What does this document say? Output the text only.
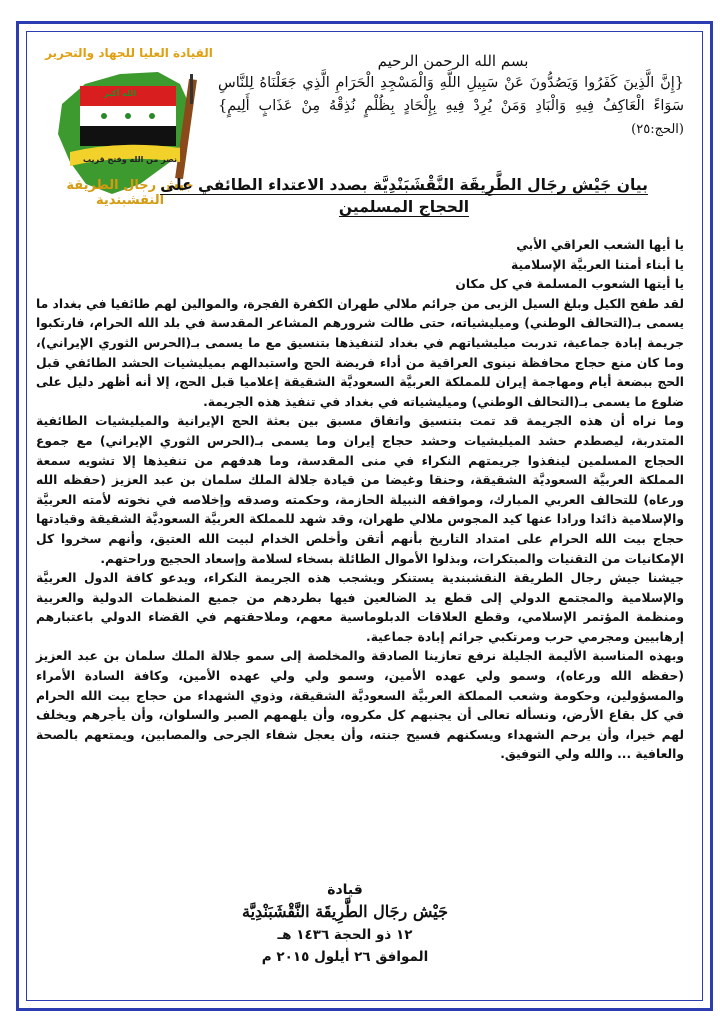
القيادة العليا للجهاد والتحرير
جيش رجال الطريقة النقشبندية
الله أكبر
نصر من الله وفتح قريب
بسم الله الرحمن الرحيم
{إِنَّ الَّذِينَ كَفَرُوا وَيَصُدُّونَ عَنْ سَبِيلِ اللَّهِ وَالْمَسْجِدِ الْحَرَامِ الَّذِي جَعَلْنَاهُ لِلنَّاسِ سَوَاءً الْعَاكِفُ فِيهِ وَالْبَادِ وَمَنْ يُرِدْ فِيهِ بِإِلْحَادٍ بِظُلْمٍ نُذِقْهُ مِنْ عَذَابٍ أَلِيمٍ} (الحج:٢٥)
بيان جَيْش رجَال الطَّرِيقَة النَّقْشَبَنْدِيَّة بصدد الاعتداء الطائفي على الحجاج المسلمين

يا أيها الشعب العراقي الأبي

يا أبناء أمتنا العربيَّة الإسلامية

يا أيتها الشعوب المسلمة في كل مكان

لقد طفح الكيل وبلغ السيل الزبى من جرائم ملالي طهران الكفرة الفجرة، والموالين لهم طائفيا في بغداد ما يسمى بـ(التحالف الوطني) وميليشياته، حتى طالت شرورهم المشاعر المقدسة في بلد الله الحرام، فارتكبوا جريمة إبادة جماعية، تدربت ميليشياتهم في بغداد لتنفيذها بتنسيق مع ما يسمى بـ(الحرس الثوري الإيراني)، وما كان منع حجاج محافظة نينوى العراقية من أداء فريضة الحج واستبدالهم بميليشيات الحشد الطائفي قبل الحج ببضعة أيام ومهاجمة إيران للمملكة العربيَّة السعوديَّة الشقيقة إعلاميا قبل الحج، إلا أنه أظهر دليل على ضلوع ما يسمى بـ(التحالف الوطني) وميليشياته في بغداد في تنفيذ هذه الجريمة.

وما نراه أن هذه الجريمة قد تمت بتنسيق واتفاق مسبق بين بعثة الحج الإيرانية والميليشيات الطائفية المتدربة، ليصطدم حشد الميليشيات وحشد حجاج إيران وما يسمى بـ(الحرس الثوري الإيراني) مع جموع الحجاج المسلمين لينفذوا جريمتهم النكراء في منى المقدسة، وما هدفهم من تنفيذها إلا تشويه سمعة المملكة العربيَّة السعوديَّة الشقيقة، وحنقا وغيضا من قيادة جلالة الملك سلمان بن عبد العزيز (حفظه الله ورعاه) للتحالف العربي المبارك، ومواقفه النبيلة الحازمة، وحكمته وصدقه وإخلاصه في نخوته لأمته العربيَّة والإسلامية ذائدا ورادا عنها كيد المجوس ملالي طهران، وقد شهد للمملكة العربيَّة السعوديَّة الشقيقة وقيادتها حجاج بيت الله الحرام على امتداد التاريخ بأنهم أتقن وأخلص الخدام لبيت الله العتيق، وأنهم سخروا كل الإمكانيات من التقنيات والمبتكرات، وبذلوا الأموال الطائلة بسخاء لسلامة وإسعاد الحجيج وراحتهم.

جيشنا جيش رجال الطريقة النقشبندية يستنكر ويشجب هذه الجريمة النكراء، ويدعو كافة الدول العربيَّة والإسلامية والمجتمع الدولي إلى قطع يد الضالعين فيها بطردهم من جميع المنظمات الدولية والعربية ومنظمة المؤتمر الإسلامي، وقطع العلاقات الدبلوماسية معهم، وملاحقتهم في القضاء الدولي باعتبارهم إرهابيين ومجرمي حرب ومرتكبي جرائم إبادة جماعية.

وبهذه المناسبة الأليمة الجليلة نرفع تعازينا الصادقة والمخلصة إلى سمو جلالة الملك سلمان بن عبد العزيز (حفظه الله ورعاه)، وسمو ولي عهده الأمين، وسمو ولي ولي عهده الأمين، وكافة السادة الأمراء والمسؤولين، وحكومة وشعب المملكة العربيَّة السعوديَّة الشقيقة، وذوي الشهداء من حجاج بيت الله الحرام في كل بقاع الأرض، ونسأله تعالى أن يجنبهم كل مكروه، وأن يلهمهم الصبر والسلوان، وأن يأجرهم ويخلف لهم خيرا، وأن يرحم الشهداء ويسكنهم فسيح جنته، وأن يعجل شفاء الجرحى والمصابين، ويمتعهم بالصحة والعافية ... والله ولي التوفيق.

قيادة
جَيْش رجَال الطَّرِيقَة النَّقْشَبَنْدِيَّة
١٢ ذو الحجة ١٤٣٦ هـ
الموافق ٢٦ أيلول ٢٠١٥ م
